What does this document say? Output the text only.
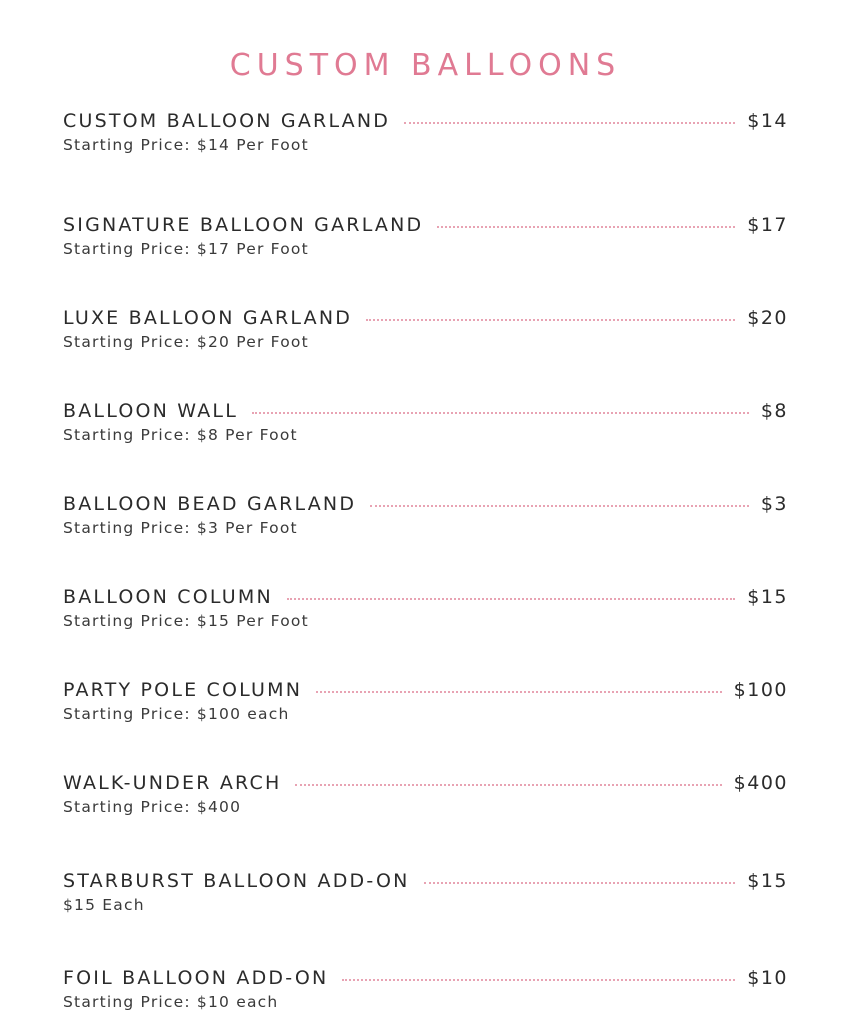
CUSTOM BALLOONS
CUSTOM BALLOON GARLAND	$14
Starting Price: $14 Per Foot
SIGNATURE BALLOON GARLAND	$17
Starting Price: $17 Per Foot
LUXE BALLOON GARLAND	$20
Starting Price: $20 Per Foot
BALLOON WALL	$8
Starting Price: $8 Per Foot
BALLOON BEAD GARLAND	$3
Starting Price: $3 Per Foot
BALLOON COLUMN	$15
Starting Price: $15 Per Foot
PARTY POLE COLUMN	$100
Starting Price: $100 each
WALK-UNDER ARCH	$400
Starting Price: $400
STARBURST BALLOON ADD-ON	$15
$15 Each
FOIL BALLOON ADD-ON	$10
Starting Price: $10 each
